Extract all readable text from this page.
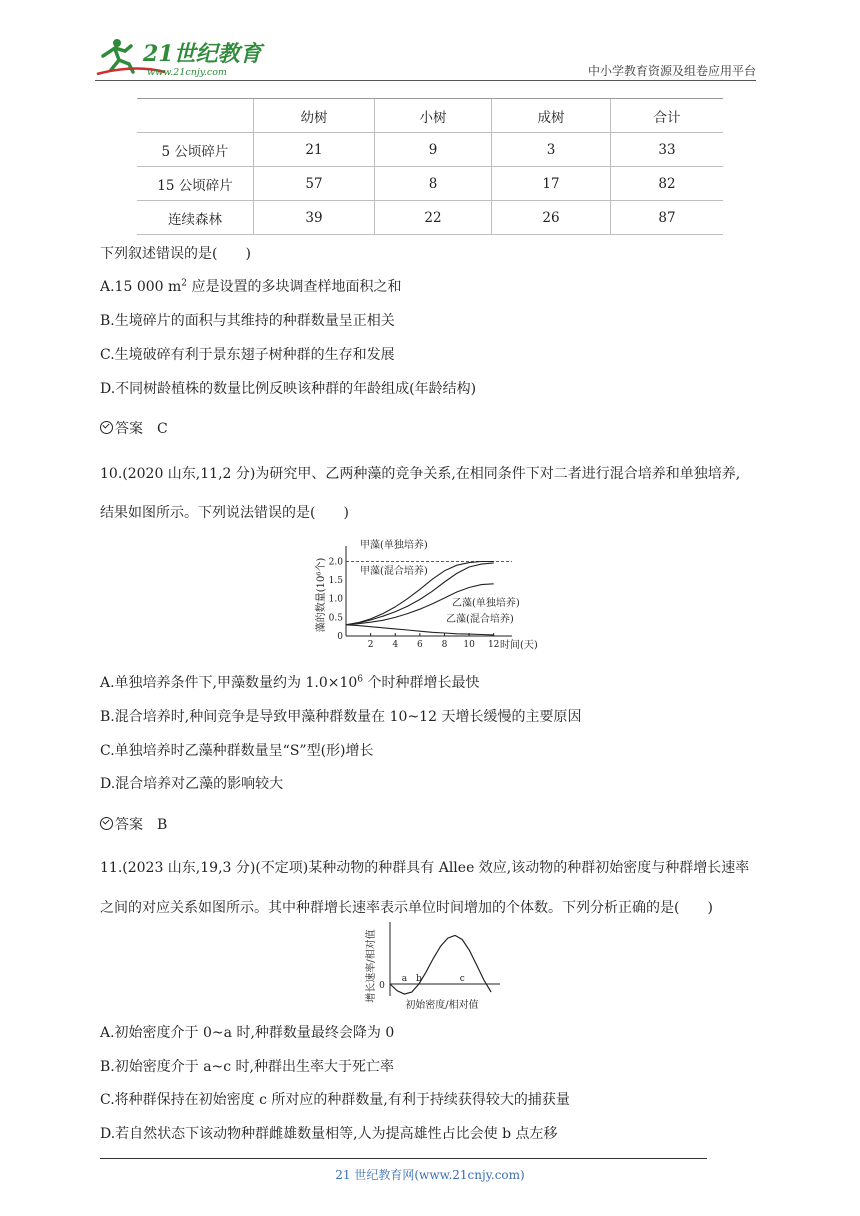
21世纪教育
www.21cnjy.com	中小学教育资源及组卷应用平台
	幼树	小树	成树	合计
5 公顷碎片	21	9	3	33
15 公顷碎片	57	8	17	82
连续森林	39	22	26	87
下列叙述错误的是(　　)
A.15 000 $m^2$ 应是设置的多块调查样地面积之和
B.生境碎片的面积与其维持的种群数量呈正相关
C.生境破碎有利于景东翅子树种群的生存和发展
D.不同树龄植株的数量比例反映该种群的年龄组成(年龄结构)
答案 C
10.(2020 山东,11,2 分)为研究甲、乙两种藻的竞争关系,在相同条件下对二者进行混合培养和单独培养,
结果如图所示。下列说法错误的是(　　)
2 4 6 8 10 12
0
0.5
1.0
1.5
2.0
甲藻(单独培养)
甲藻(混合培养)
乙藻(单独培养)
乙藻(混合培养)
时间(天)
藻的数量(10⁶个)
A.单独培养条件下,甲藻数量约为 $1.0\times 10^6$ 个时种群增长最快
B.混合培养时,种间竞争是导致甲藻种群数量在 10~12 天增长缓慢的主要原因
C.单独培养时乙藻种群数量呈“S”型(形)增长
D.混合培养对乙藻的影响较大
答案 B
11.(2023 山东,19,3 分)(不定项)某种动物的种群具有 Allee 效应,该动物的种群初始密度与种群增长速率
之间的对应关系如图所示。其中种群增长速率表示单位时间增加的个体数。下列分析正确的是(　　)
0
a b	c
初始密度/相对值
增长速率/相对值
A.初始密度介于 0~a 时,种群数量最终会降为 0
B.初始密度介于 a~c 时,种群出生率大于死亡率
C.将种群保持在初始密度 c 所对应的种群数量,有利于持续获得较大的捕获量
D.若自然状态下该动物种群雌雄数量相等,人为提高雄性占比会使 b 点左移
21 世纪教育网(www.21cnjy.com)
